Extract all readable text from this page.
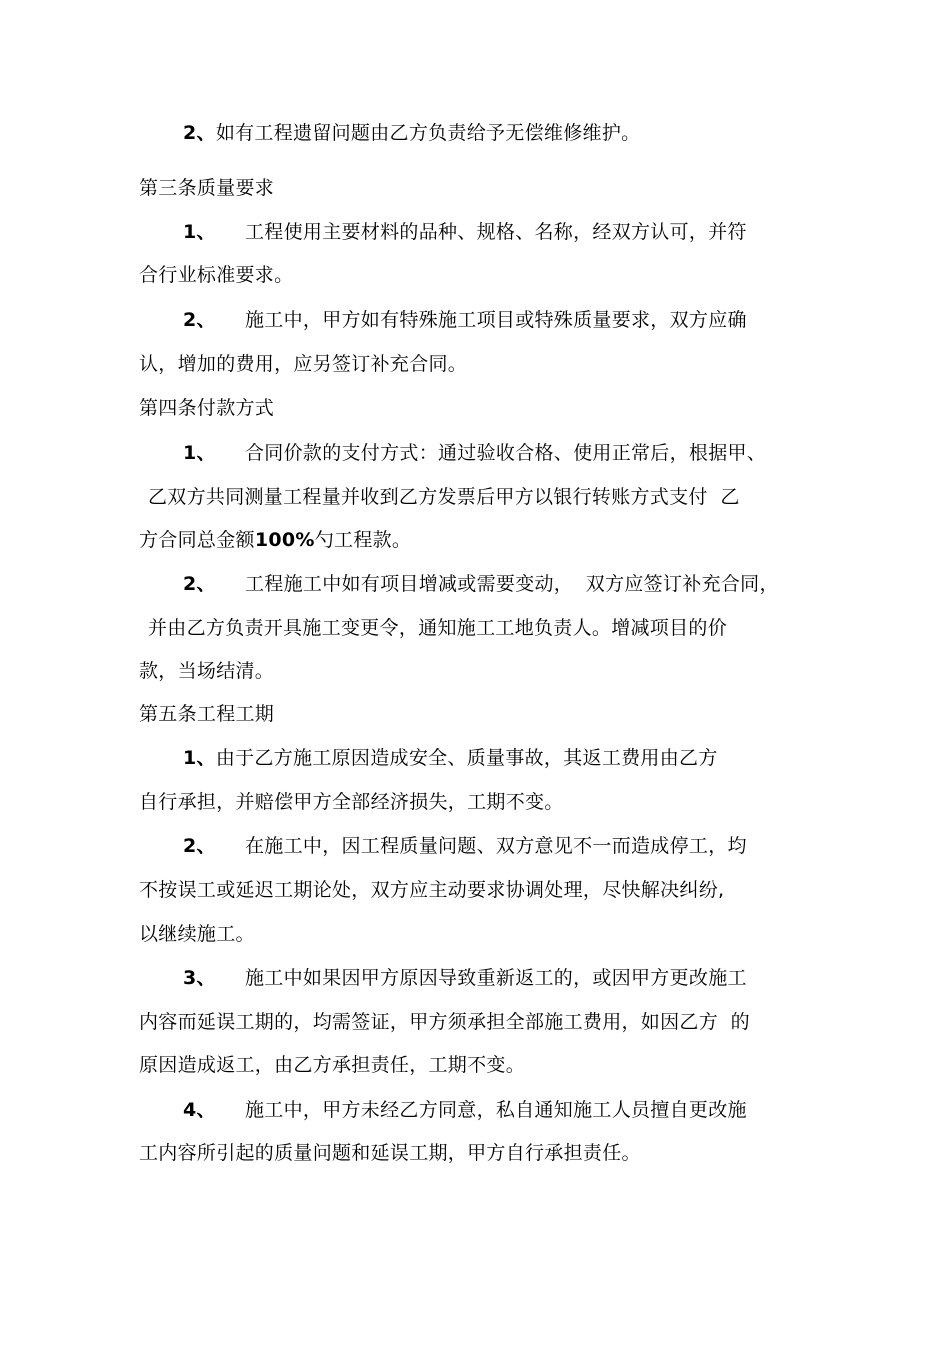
2、如有工程遗留问题由乙方负责给予无偿维修维护。
第三条质量要求
1、 工程使用主要材料的品种、规格、名称，经双方认可，并符
合行业标准要求。
2、 施工中，甲方如有特殊施工项目或特殊质量要求，双方应确
认，增加的费用，应另签订补充合同。
第四条付款方式
1、 合同价款的支付方式：通过验收合格、使用正常后，根据甲、
乙双方共同测量工程量并收到乙方发票后甲方以银行转账方式支付  乙
方合同总金额100%勺工程款。
2、 工程施工中如有项目增减或需要变动，  双方应签订补充合同，
并由乙方负责开具施工变更令，通知施工工地负责人。增减项目的价
款，当场结清。
第五条工程工期
1、由于乙方施工原因造成安全、质量事故，其返工费用由乙方
自行承担，并赔偿甲方全部经济损失，工期不变。
2、 在施工中，因工程质量问题、双方意见不一而造成停工，均
不按误工或延迟工期论处，双方应主动要求协调处理，尽快解决纠纷,
以继续施工。
3、 施工中如果因甲方原因导致重新返工的，或因甲方更改施工
内容而延误工期的，均需签证，甲方须承担全部施工费用，如因乙方  的
原因造成返工，由乙方承担责任，工期不变。
4、 施工中，甲方未经乙方同意，私自通知施工人员擅自更改施
工内容所引起的质量问题和延误工期，甲方自行承担责任。
